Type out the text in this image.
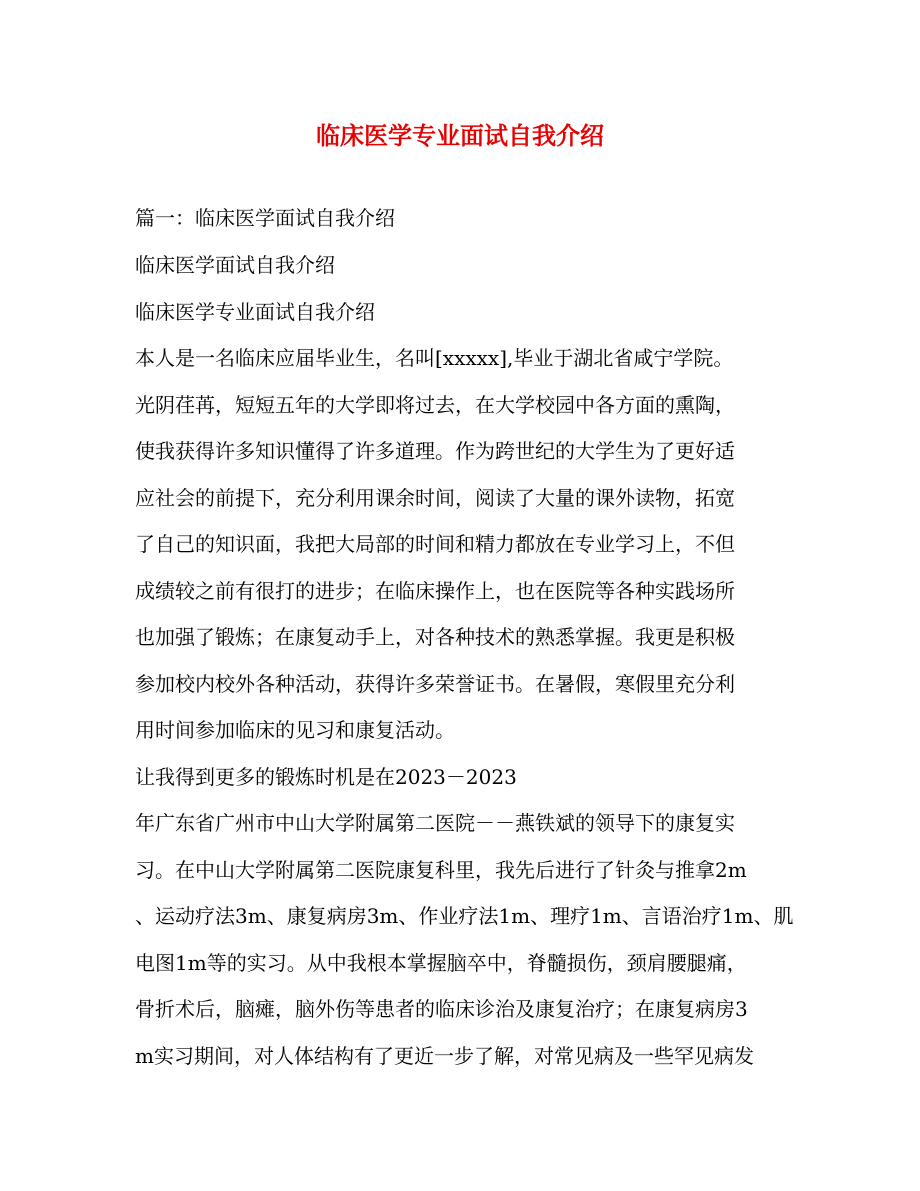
临床医学专业面试自我介绍

篇一：临床医学面试自我介绍

临床医学面试自我介绍

临床医学专业面试自我介绍

本人是一名临床应届毕业生，名叫[xxxxx],毕业于湖北省咸宁学院。

光阴荏苒，短短五年的大学即将过去，在大学校园中各方面的熏陶，

使我获得许多知识懂得了许多道理。作为跨世纪的大学生为了更好适

应社会的前提下，充分利用课余时间，阅读了大量的课外读物，拓宽

了自己的知识面，我把大局部的时间和精力都放在专业学习上，不但

成绩较之前有很打的进步；在临床操作上，也在医院等各种实践场所

也加强了锻炼；在康复动手上，对各种技术的熟悉掌握。我更是积极

参加校内校外各种活动，获得许多荣誉证书。在暑假，寒假里充分利

用时间参加临床的见习和康复活动。

让我得到更多的锻炼时机是在2023－2023

年广东省广州市中山大学附属第二医院－－燕铁斌的领导下的康复实

习。在中山大学附属第二医院康复科里，我先后进行了针灸与推拿2m

、运动疗法3m、康复病房3m、作业疗法1m、理疗1m、言语治疗1m、肌

电图1m等的实习。从中我根本掌握脑卒中，脊髓损伤，颈肩腰腿痛，

骨折术后，脑瘫，脑外伤等患者的临床诊治及康复治疗；在康复病房3

m实习期间，对人体结构有了更近一步了解，对常见病及一些罕见病发
